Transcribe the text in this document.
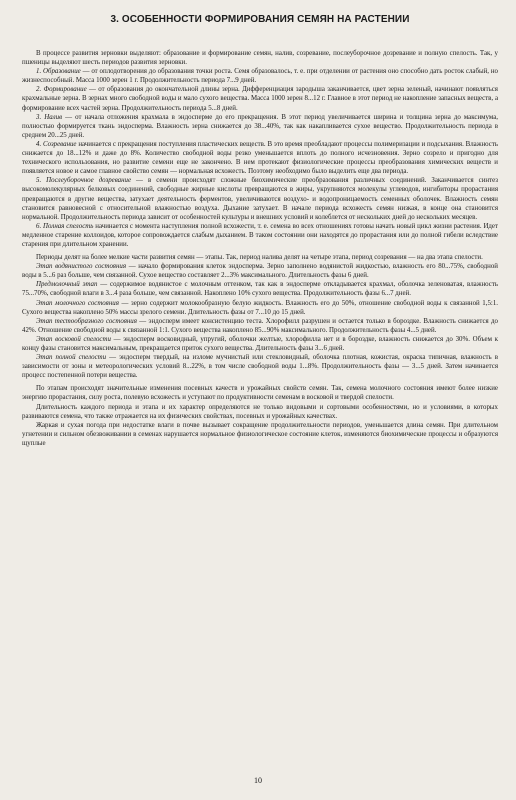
3. ОСОБЕННОСТИ ФОРМИРОВАНИЯ СЕМЯН НА РАСТЕНИИ

В процессе развития зерновки выделяют: образование и формирование семян, налив, созревание, послеуборочное дозревание и полную спелость. Так, у пшеницы выделяют шесть периодов развития зерновки.

1. Образование — от оплодотворения до образования точки роста. Семя образовалось, т. е. при отделении от растения оно способно дать росток слабый, но жизнеспособный. Масса 1000 зерен 1 г. Продолжительность периода 7...9 дней.

2. Формирование — от образования до окончательной длины зерна. Дифференциация зародыша заканчивается, цвет зерна зеленый, начинают появляться крахмальные зерна. В зернах много свободной воды и мало сухого вещества. Масса 1000 зерен 8...12 г. Главное в этот период не накопление запасных веществ, а формирование всех частей зерна. Продолжительность периода 5...8 дней.

3. Налив — от начала отложения крахмала в эндосперме до его прекращения. В этот период увеличивается ширина и толщина зерна до максимума, полностью формируется ткань эндосперма. Влажность зерна снижается до 38...40%, так как накапливается сухое вещество. Продолжительность периода в среднем 20...25 дней.

4. Созревание начинается с прекращения поступления пластических веществ. В это время преобладают процессы полимеризации и подсыхания. Влажность снижается до 18...12% и даже до 8%. Количество свободной воды резко уменьшается вплоть до полного исчезновения. Зерно созрело и пригодно для технического использования, но развитие семени еще не закончено. В нем протекают физиологические процессы преобразования химических веществ и появляется новое и самое главное свойство семян — нормальная всхожесть. Поэтому необходимо было выделить еще два периода.

5. Послеуборочное дозревание — в семени происходят сложные биохимические преобразования различных соединений. Заканчивается синтез высокомолекулярных белковых соединений, свободные жирные кислоты превращаются в жиры, укрупняются молекулы углеводов, ингибиторы прорастания превращаются в другие вещества, затухает деятельность ферментов, увеличиваются воздухо- и водопроницаемость семенных оболочек. Влажность семян становится равновесной с относительной влажностью воздуха. Дыхание затухает. В начале периода всхожесть семян низкая, в конце она становится нормальной. Продолжительность периода зависит от особенностей культуры и внешних условий и колеблется от нескольких дней до нескольких месяцев.

6. Полная спелость начинается с момента наступления полной всхожести, т. е. семена во всех отношениях готовы начать новый цикл жизни растения. Идет медленное старение коллоидов, которое сопровождается слабым дыханием. В таком состоянии они находятся до прорастания или до полной гибели вследствие старения при длительном хранении.

Периоды делят на более мелкие части развития семян — этапы. Так, период налива делят на четыре этапа, период созревания — на два этапа спелости.

Этап водянистого состояния — начало формирования клеток эндосперма. Зерно заполнено водянистой жидкостью, влажность его 80...75%, свободной воды в 5...6 раз больше, чем связанной. Сухое вещество составляет 2...3% максимального. Длительность фазы 6 дней.

Предмолочный этап — содержимое водянистое с молочным оттенком, так как в эндосперме откладывается крахмал, оболочка зеленоватая, влажность 75...70%, свободной влаги в 3...4 раза больше, чем связанной. Накоплено 10% сухого вещества. Продолжительность фазы 6...7 дней.

Этап молочного состояния — зерно содержит молокообразную белую жидкость. Влажность его до 50%, отношение свободной воды к связанной 1,5:1. Сухого вещества накоплено 50% массы зрелого семени. Длительность фазы от 7...10 до 15 дней.

Этап тестообразного состояния — эндосперм имеет консистенцию теста. Хлорофилл разрушен и остается только в бороздке. Влажность снижается до 42%. Отношение свободной воды к связанной 1:1. Сухого вещества накоплено 85...90% максимального. Продолжительность фазы 4...5 дней.

Этап восковой спелости — эндосперм восковидный, упругий, оболочки желтые, хлорофилла нет и в бороздке, влажность снижается до 30%. Объем к концу фазы становится максимальным, прекращается приток сухого вещества. Длительность фазы 3...6 дней.

Этап полной спелости — эндосперм твердый, на изломе мучнистый или стекловидный, оболочка плотная, кожистая, окраска типичная, влажность в зависимости от зоны и метеорологических условий 8...22%, в том числе свободной воды 1...8%. Продолжительность фазы — 3...5 дней. Затем начинается процесс постепенной потери вещества.

По этапам происходят значительные изменения посевных качеств и урожайных свойств семян. Так, семена молочного состояния имеют более низкие энергию прорастания, силу роста, полевую всхожесть и уступают по продуктивности семенам в восковой и твердой спелости.

Длительность каждого периода и этапа и их характер определяются не только видовыми и сортовыми особенностями, но и условиями, в которых развиваются семена, что также отражается на их физических свойствах, посевных и урожайных качествах.

Жаркая и сухая погода при недостатке влаги в почве вызывает сокращение продолжительности периодов, уменьшается длина семян. При длительном угнетении и сильном обезвоживании в семенах нарушается нормальное физиологическое состояние клеток, изменяются биохимические процессы и образуются щуплые

10
